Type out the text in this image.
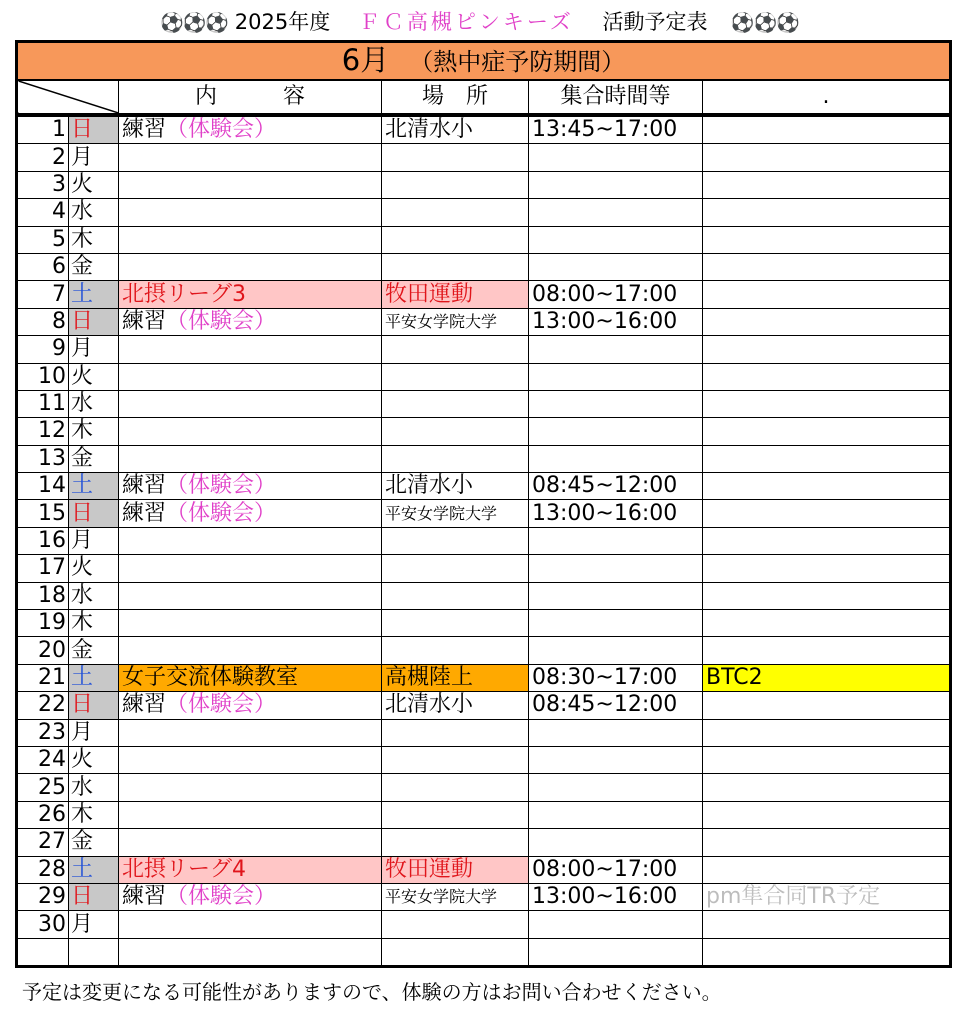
⚽⚽⚽ 2025年度 ＦＣ高槻ピンキーズ 活動予定表 ⚽⚽⚽
6月 （熱中症予防期間）					
		内　　　容	場　所	集合時間等	.
1	日	練習（体験会）	北清水小	13:45~17:00	
2	月				
3	火				
4	水				
5	木				
6	金				
7	土	北摂リーグ3	牧田運動	08:00~17:00	
8	日	練習（体験会）	平安女学院大学	13:00~16:00	
9	月				
10	火				
11	水				
12	木				
13	金				
14	土	練習（体験会）	北清水小	08:45~12:00	
15	日	練習（体験会）	平安女学院大学	13:00~16:00	
16	月				
17	火				
18	水				
19	木				
20	金				
21	土	女子交流体験教室	高槻陸上	08:30~17:00	BTC2
22	日	練習（体験会）	北清水小	08:45~12:00	
23	月				
24	火				
25	水				
26	木				
27	金				
28	土	北摂リーグ4	牧田運動	08:00~17:00	
29	日	練習（体験会）	平安女学院大学	13:00~16:00	pm隼合同TR予定
30	月				

予定は変更になる可能性がありますので、体験の方はお問い合わせください。
